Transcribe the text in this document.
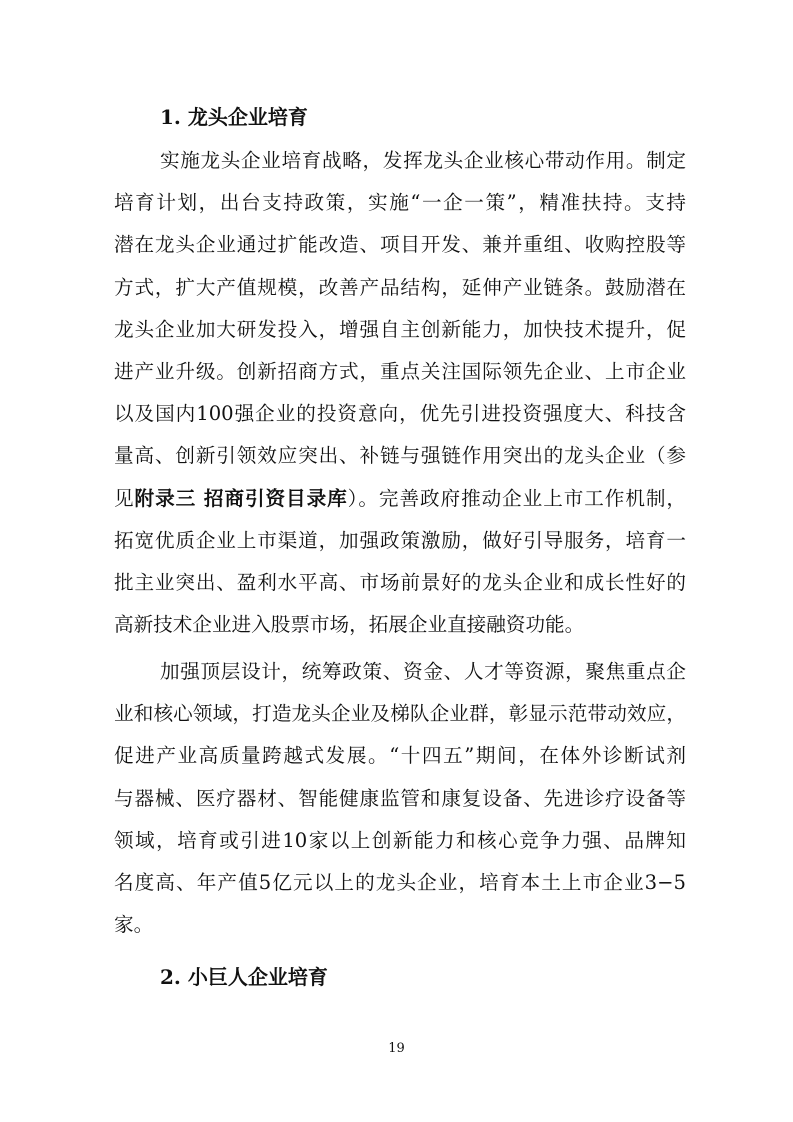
1. 龙头企业培育
实施龙头企业培育战略，发挥龙头企业核心带动作用。制定
培育计划，出台支持政策，实施“一企一策”，精准扶持。支持
潜在龙头企业通过扩能改造、项目开发、兼并重组、收购控股等
方式，扩大产值规模，改善产品结构，延伸产业链条。鼓励潜在
龙头企业加大研发投入，增强自主创新能力，加快技术提升，促
进产业升级。创新招商方式，重点关注国际领先企业、上市企业
以及国内100强企业的投资意向，优先引进投资强度大、科技含
量高、创新引领效应突出、补链与强链作用突出的龙头企业（参
见附录三 招商引资目录库）。完善政府推动企业上市工作机制，
拓宽优质企业上市渠道，加强政策激励，做好引导服务，培育一
批主业突出、盈利水平高、市场前景好的龙头企业和成长性好的
高新技术企业进入股票市场，拓展企业直接融资功能。
加强顶层设计，统筹政策、资金、人才等资源，聚焦重点企
业和核心领域，打造龙头企业及梯队企业群，彰显示范带动效应，
促进产业高质量跨越式发展。“十四五”期间，在体外诊断试剂
与器械、医疗器材、智能健康监管和康复设备、先进诊疗设备等
领域，培育或引进10家以上创新能力和核心竞争力强、品牌知
名度高、年产值5亿元以上的龙头企业，培育本土上市企业3−5
家。
2. 小巨人企业培育
19
